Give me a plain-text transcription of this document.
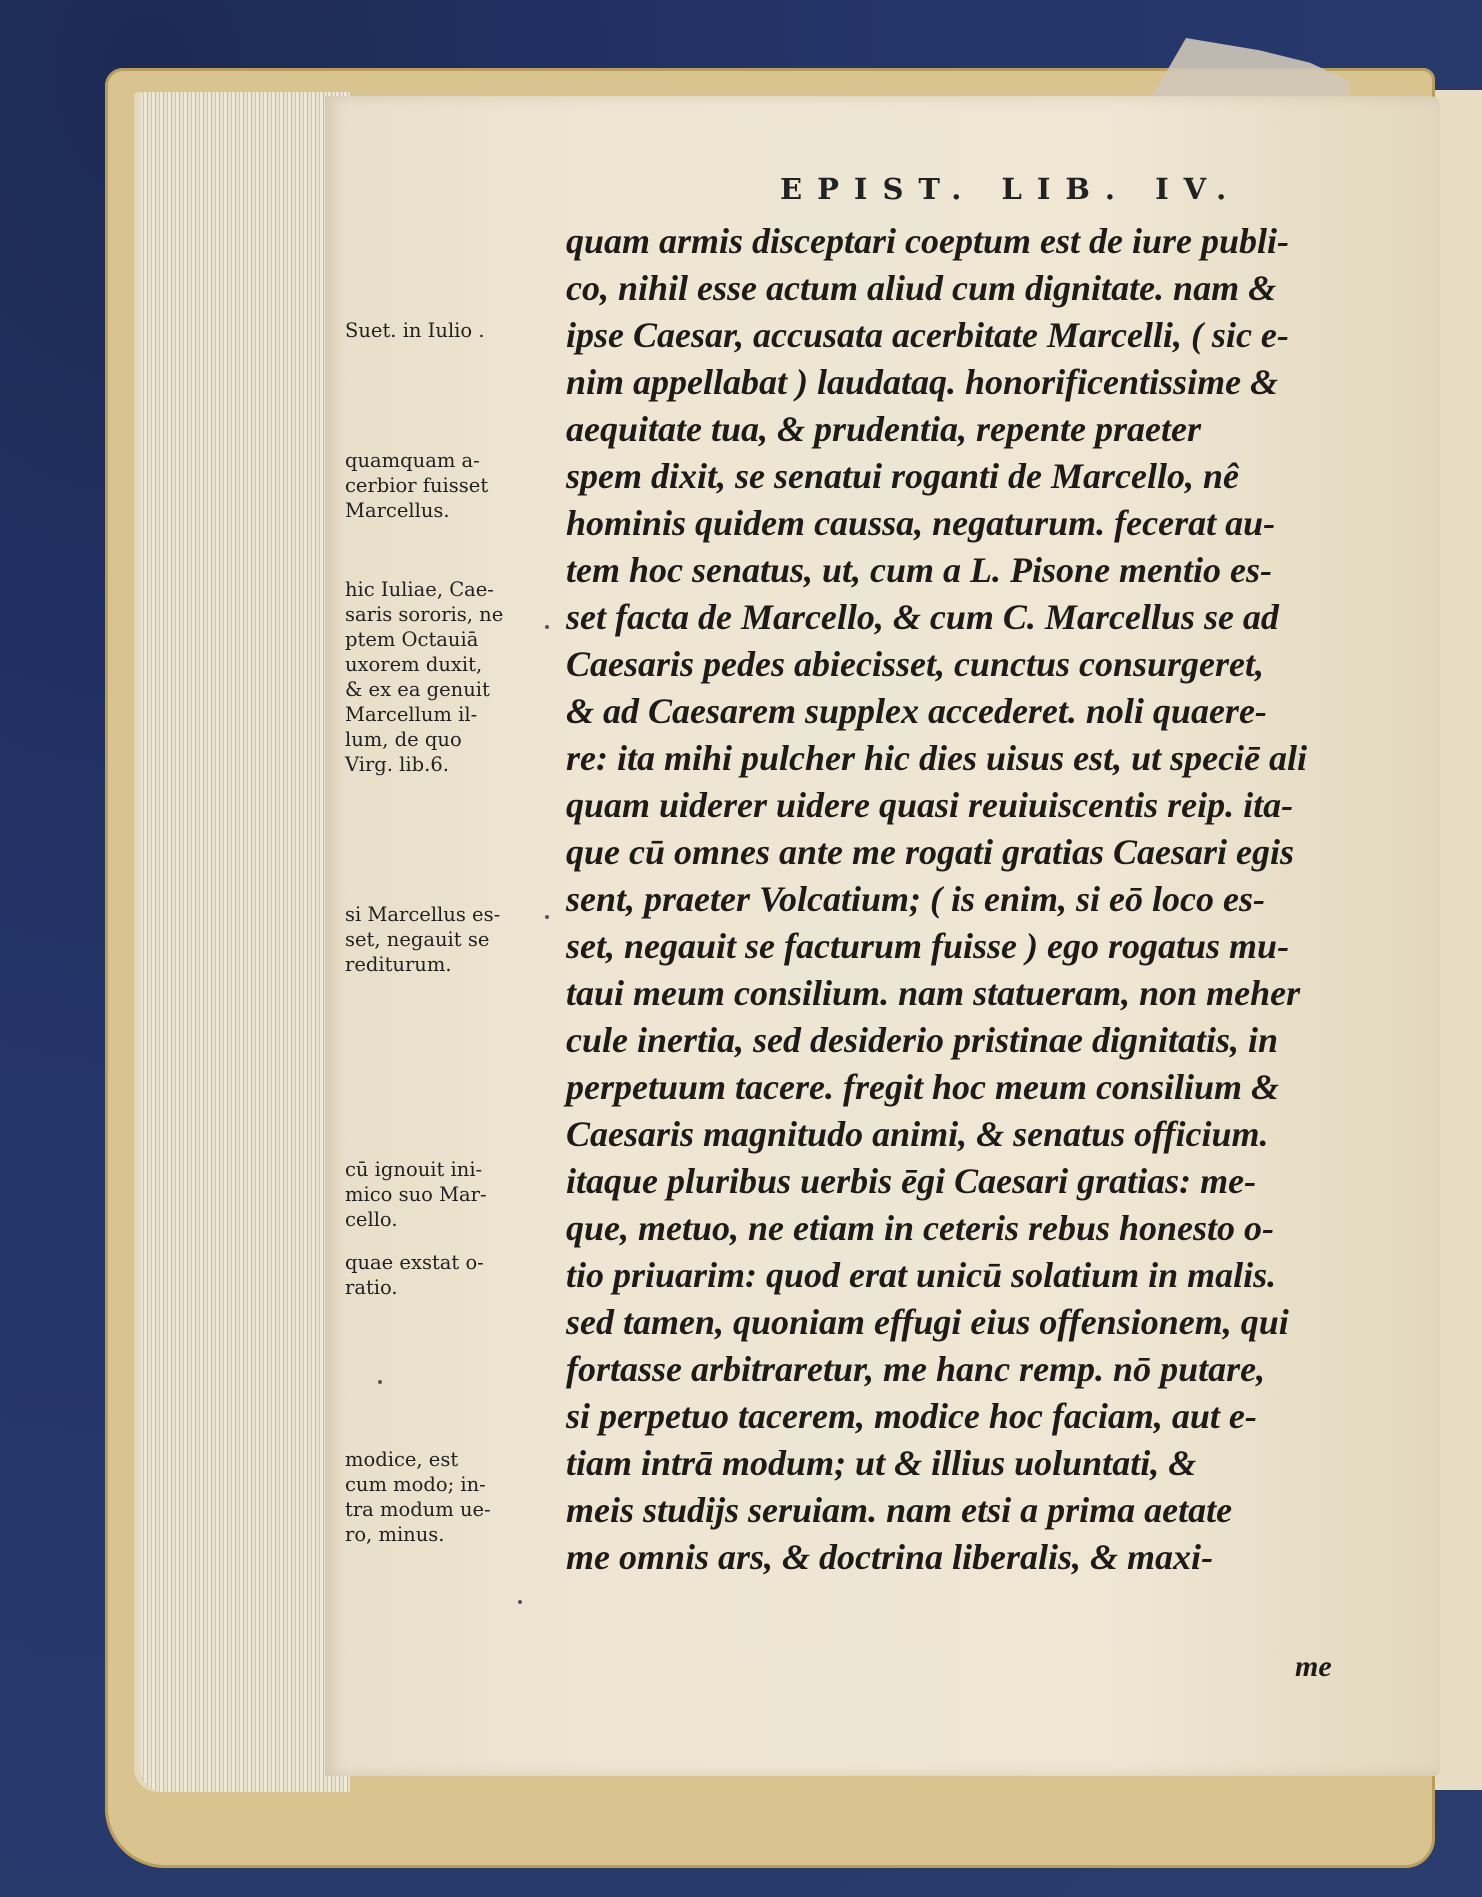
EPIST. LIB. IV.
quam armis disceptari coeptum est de iure publi-
co, nihil esse actum aliud cum dignitate. nam &
ipse Caesar, accusata acerbitate Marcelli, ( sic e-
nim appellabat ) laudataq. honorificentissime &
aequitate tua, & prudentia, repente praeter
spem dixit, se senatui roganti de Marcello, nê
hominis quidem caussa, negaturum. fecerat au-
tem hoc senatus, ut, cum a L. Pisone mentio es-
set facta de Marcello, & cum C. Marcellus se ad
Caesaris pedes abiecisset, cunctus consurgeret,
& ad Caesarem supplex accederet. noli quaere-
re: ita mihi pulcher hic dies uisus est, ut speciē ali
quam uiderer uidere quasi reuiuiscentis reip. ita-
que cū omnes ante me rogati gratias Caesari egis
sent, praeter Volcatium; ( is enim, si eō loco es-
set, negauit se facturum fuisse ) ego rogatus mu-
taui meum consilium. nam statueram, non meher
cule inertia, sed desiderio pristinae dignitatis, in
perpetuum tacere. fregit hoc meum consilium &
Caesaris magnitudo animi, & senatus officium.
itaque pluribus uerbis ēgi Caesari gratias: me-
que, metuo, ne etiam in ceteris rebus honesto o-
tio priuarim: quod erat unicū solatium in malis.
sed tamen, quoniam effugi eius offensionem, qui
fortasse arbitraretur, me hanc remp. nō putare,
si perpetuo tacerem, modice hoc faciam, aut e-
tiam intrā modum; ut & illius uoluntati, &
meis studijs seruiam. nam etsi a prima aetate
me omnis ars, & doctrina liberalis, & maxi-
Suet. in Iulio .
quamquam a-
cerbior fuisset
Marcellus.
hic Iuliae, Cae-
saris sororis, ne
ptem Octauiā
uxorem duxit,
& ex ea genuit
Marcellum il-
lum, de quo
Virg. lib.6.
si Marcellus es-
set, negauit se
rediturum.
cū ignouit ini-
mico suo Mar-
cello.
quae exstat o-
ratio.
modice, est
cum modo; in-
tra modum ue-
ro, minus.
me
